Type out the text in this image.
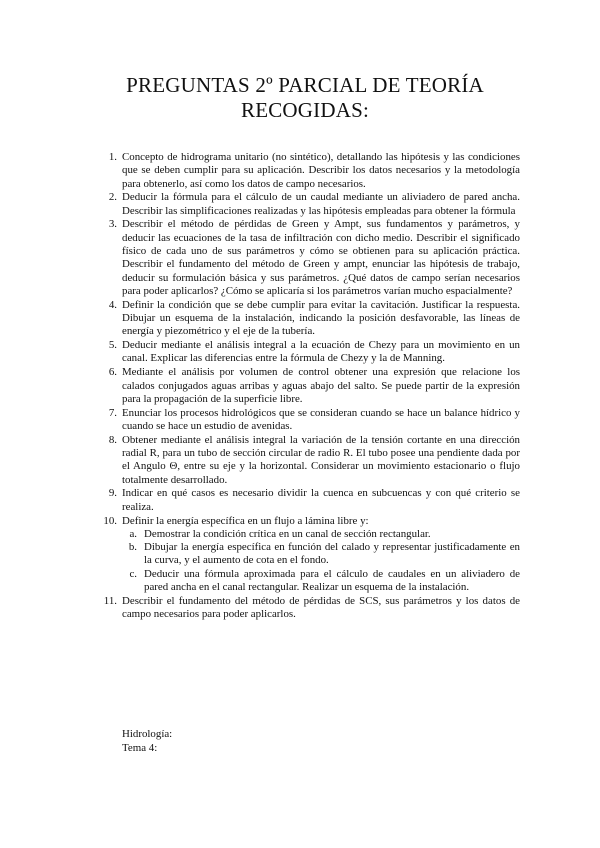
PREGUNTAS 2º PARCIAL DE TEORÍA
RECOGIDAS:
1. Concepto de hidrograma unitario (no sintético), detallando las hipótesis y las condiciones que se deben cumplir para su aplicación. Describir los datos necesarios y la metodología para obtenerlo, así como los datos de campo necesarios.
2. Deducir la fórmula para el cálculo de un caudal mediante un aliviadero de pared ancha. Describir las simplificaciones realizadas y las hipótesis empleadas para obtener la fórmula
3. Describir el método de pérdidas de Green y Ampt, sus fundamentos y parámetros, y deducir las ecuaciones de la tasa de infiltración con dicho medio. Describir el significado físico de cada uno de sus parámetros y cómo se obtienen para su aplicación práctica. Describir el fundamento del método de Green y ampt, enunciar las hipótesis de trabajo, deducir su formulación básica y sus parámetros. ¿Qué datos de campo serían necesarios para poder aplicarlos? ¿Cómo se aplicaría si los parámetros varían mucho espacialmente?
4. Definir la condición que se debe cumplir para evitar la cavitación. Justificar la respuesta. Dibujar un esquema de la instalación, indicando la posición desfavorable, las líneas de energía y piezométrico y el eje de la tubería.
5. Deducir mediante el análisis integral a la ecuación de Chezy para un movimiento en un canal. Explicar las diferencias entre la fórmula de Chezy y la de Manning.
6. Mediante el análisis por volumen de control obtener una expresión que relacione los calados conjugados aguas arribas y aguas abajo del salto. Se puede partir de la expresión para la propagación de la superficie libre.
7. Enunciar los procesos hidrológicos que se consideran cuando se hace un balance hídrico y cuando se hace un estudio de avenidas.
8. Obtener mediante el análisis integral la variación de la tensión cortante en una dirección radial R, para un tubo de sección circular de radio R. El tubo posee una pendiente dada por el Angulo Θ, entre su eje y la horizontal. Considerar un movimiento estacionario o flujo totalmente desarrollado.
9. Indicar en qué casos es necesario dividir la cuenca en subcuencas y con qué criterio se realiza.
10. Definir la energía específica en un flujo a lámina libre y:
a. Demostrar la condición crítica en un canal de sección rectangular.
b. Dibujar la energía específica en función del calado y representar justificadamente en la curva, y el aumento de cota en el fondo.
c. Deducir una fórmula aproximada para el cálculo de caudales en un aliviadero de pared ancha en el canal rectangular. Realizar un esquema de la instalación.
11. Describir el fundamento del método de pérdidas de SCS, sus parámetros y los datos de campo necesarios para poder aplicarlos.
Hidrología:
Tema 4:
